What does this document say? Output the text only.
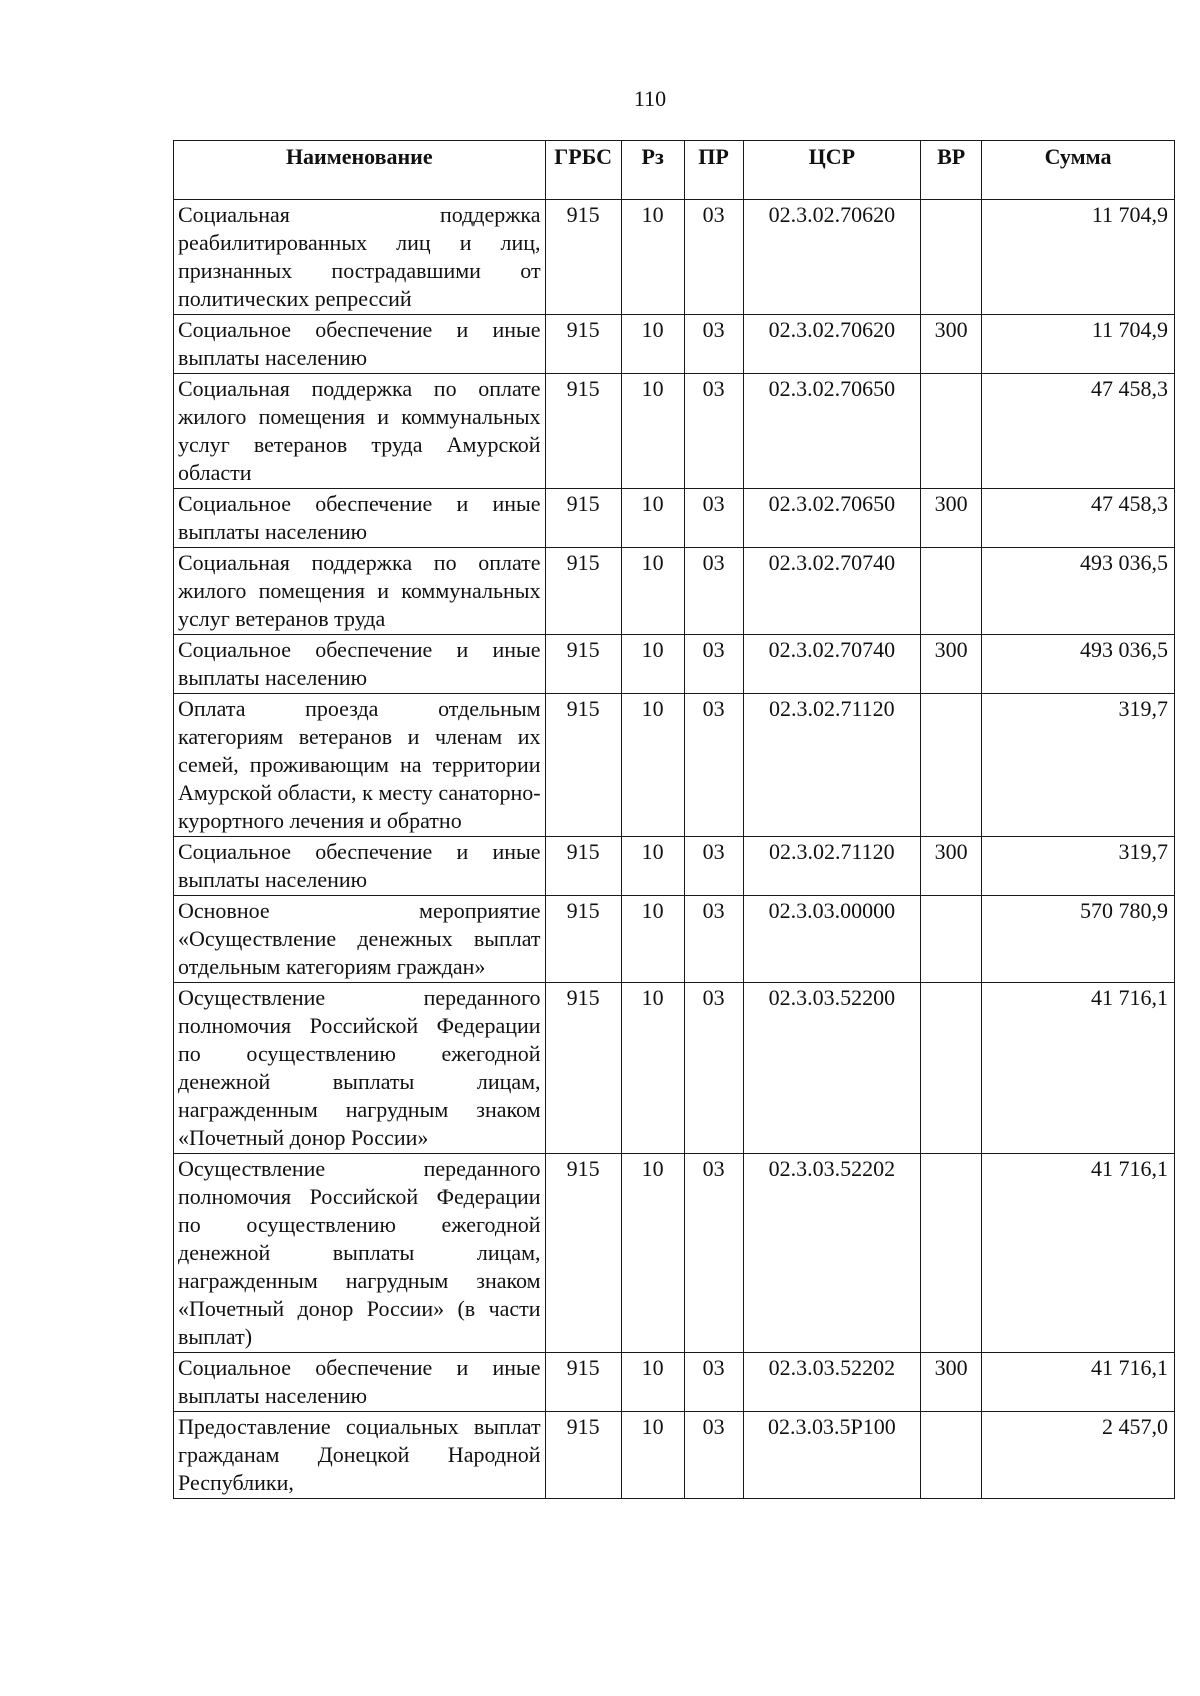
110
Наименование	ГРБС	Рз	ПР	ЦСР	ВР	Сумма
Социальная поддержка реабилитированных лиц и лиц, признанных пострадавшими от политических репрессий	915	10	03	02.3.02.70620		11 704,9
Социальное обеспечение и иные выплаты населению	915	10	03	02.3.02.70620	300	11 704,9
Социальная поддержка по оплате жилого помещения и коммунальных услуг ветеранов труда Амурской области	915	10	03	02.3.02.70650		47 458,3
Социальное обеспечение и иные выплаты населению	915	10	03	02.3.02.70650	300	47 458,3
Социальная поддержка по оплате жилого помещения и коммунальных услуг ветеранов труда	915	10	03	02.3.02.70740		493 036,5
Социальное обеспечение и иные выплаты населению	915	10	03	02.3.02.70740	300	493 036,5
Оплата проезда отдельным категориям ветеранов и членам их семей, проживающим на территории Амурской области, к месту санаторно-курортного лечения и обратно	915	10	03	02.3.02.71120		319,7
Социальное обеспечение и иные выплаты населению	915	10	03	02.3.02.71120	300	319,7
Основное мероприятие «Осуществление денежных выплат отдельным категориям граждан»	915	10	03	02.3.03.00000		570 780,9
Осуществление переданного полномочия Российской Федерации по осуществлению ежегодной денежной выплаты лицам, награжденным нагрудным знаком «Почетный донор России»	915	10	03	02.3.03.52200		41 716,1
Осуществление переданного полномочия Российской Федерации по осуществлению ежегодной денежной выплаты лицам, награжденным нагрудным знаком «Почетный донор России» (в части выплат)	915	10	03	02.3.03.52202		41 716,1
Социальное обеспечение и иные выплаты населению	915	10	03	02.3.03.52202	300	41 716,1
Предоставление социальных выплат гражданам Донецкой Народной Республики,	915	10	03	02.3.03.5Р100		2 457,0
